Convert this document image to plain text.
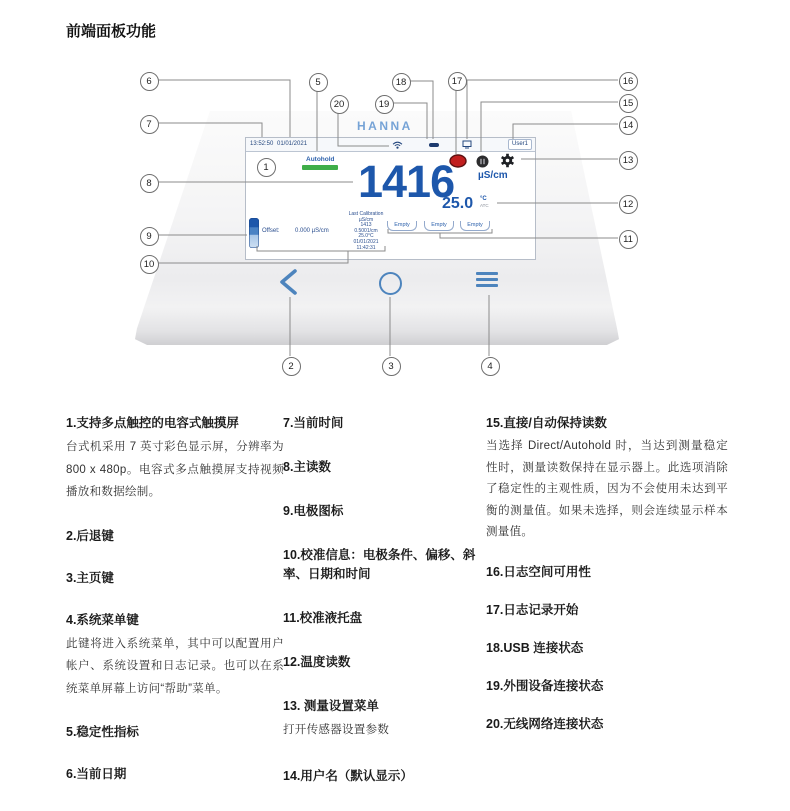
前端面板功能
HANNA
13:52:50 01/01/2021	User1
Autohold 1416 µS/cm
25.0 °C
ATC
Offset:	0.000 µS/cm
Last Calibration
µS/cm
1413
0.5001/cm
25.0°C
01/01/2021
11:42:31
Empty	Empty	Empty
1
2	3	4
5
6
7
8
9
10
11
12
13
14
15
16
17
18
19
20
1.支持多点触控的电容式触摸屏
台式机采用 7 英寸彩色显示屏，分辨率为 800 x 480p。电容式多点触摸屏支持视频播放和数据绘制。
2.后退键
3.主页键
4.系统菜单键
此键将进入系统菜单，其中可以配置用户帐户、系统设置和日志记录。也可以在系统菜单屏幕上访问“帮助”菜单。
5.稳定性指标
6.当前日期
7.当前时间
8.主读数
9.电极图标
10.校准信息：电极条件、偏移、斜率、日期和时间
11.校准液托盘
12.温度读数
13. 测量设置菜单
打开传感器设置参数
14.用户名（默认显示）
15.直接/自动保持读数
当选择 Direct/Autohold 时，当达到测量稳定性时，测量读数保持在显示器上。此选项消除了稳定性的主观性质，因为不会使用未达到平衡的测量值。如果未选择，则会连续显示样本测量值。
16.日志空间可用性
17.日志记录开始
18.USB 连接状态
19.外围设备连接状态
20.无线网络连接状态
